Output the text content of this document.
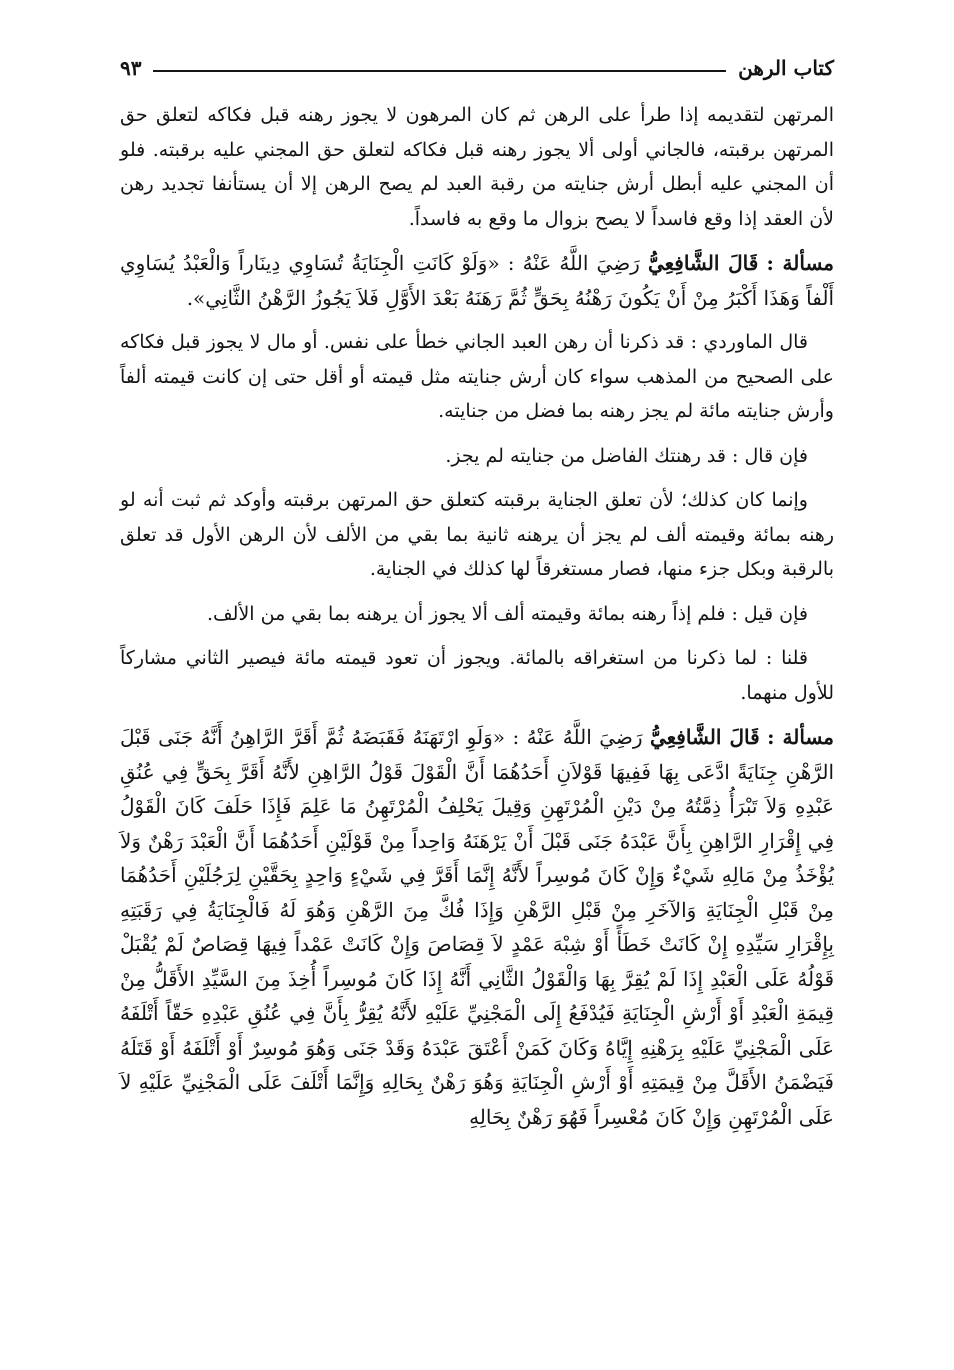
كتاب الرهن
٩٣

المرتهن لتقديمه إذا طرأ على الرهن ثم كان المرهون لا يجوز رهنه قبل فكاكه لتعلق حق المرتهن برقبته، فالجاني أولى ألا يجوز رهنه قبل فكاكه لتعلق حق المجني عليه برقبته. فلو أن المجني عليه أبطل أرش جنايته من رقبة العبد لم يصح الرهن إلا أن يستأنفا تجديد رهن لأن العقد إذا وقع فاسداً لا يصح بزوال ما وقع به فاسداً.

مسألة : قَالَ الشَّافِعِيُّ رَضِيَ اللَّهُ عَنْهُ : «وَلَوْ كَانَتِ الْجِنَايَةُ تُسَاوِي دِينَاراً وَالْعَبْدُ يُسَاوِي أَلْفاً وَهَذَا أَكْبَرُ مِنْ أَنْ يَكُونَ رَهْنُهُ بِحَقٍّ ثُمَّ رَهَنَهُ بَعْدَ الأَوَّلِ فَلاَ يَجُوزُ الرَّهْنُ الثَّانِي».

قال الماوردي : قد ذكرنا أن رهن العبد الجاني خطأ على نفس. أو مال لا يجوز قبل فكاكه على الصحيح من المذهب سواء كان أرش جنايته مثل قيمته أو أقل حتى إن كانت قيمته ألفاً وأرش جنايته مائة لم يجز رهنه بما فضل من جنايته.

فإن قال : قد رهنتك الفاضل من جنايته لم يجز.

وإنما كان كذلك؛ لأن تعلق الجناية برقبته كتعلق حق المرتهن برقبته وأوكد ثم ثبت أنه لو رهنه بمائة وقيمته ألف لم يجز أن يرهنه ثانية بما بقي من الألف لأن الرهن الأول قد تعلق بالرقبة وبكل جزء منها، فصار مستغرقاً لها كذلك في الجناية.

فإن قيل : فلم إذاً رهنه بمائة وقيمته ألف ألا يجوز أن يرهنه بما بقي من الألف.

قلنا : لما ذكرنا من استغراقه بالمائة. ويجوز أن تعود قيمته مائة فيصير الثاني مشاركاً للأول منهما.

مسألة : قَالَ الشَّافِعِيُّ رَضِيَ اللَّهُ عَنْهُ : «وَلَوِ ارْتَهَنَهُ فَقَبَضَهُ ثُمَّ أَقَرَّ الرَّاهِنُ أَنَّهُ جَنَى قَبْلَ الرَّهْنِ جِنَايَةً ادَّعَى بِهَا فَفِيهَا قَوْلاَنِ أَحَدُهُمَا أَنَّ الْقَوْلَ قَوْلُ الرَّاهِنِ لأَنَّهُ أَقَرَّ بِحَقٍّ فِي عُنُقِ عَبْدِهِ وَلاَ تَبْرَأُ ذِمَّتُهُ مِنْ دَيْنِ الْمُرْتَهِنِ وَقِيلَ يَحْلِفُ الْمُرْتَهِنُ مَا عَلِمَ فَإِذَا حَلَفَ كَانَ الْقَوْلُ فِي إِقْرَارِ الرَّاهِنِ بِأَنَّ عَبْدَهُ جَنَى قَبْلَ أَنْ يَرْهَنَهُ وَاحِداً مِنْ قَوْلَيْنِ أَحَدُهُمَا أَنَّ الْعَبْدَ رَهْنٌ وَلاَ يُؤْخَذُ مِنْ مَالِهِ شَيْءٌ وَإِنْ كَانَ مُوسِراً لأَنَّهُ إِنَّمَا أَقَرَّ فِي شَيْءٍ وَاحِدٍ بِحَقَّيْنِ لِرَجُلَيْنِ أَحَدُهُمَا مِنْ قَبْلِ الْجِنَايَةِ وَالآخَرِ مِنْ قَبْلِ الرَّهْنِ وَإِذَا فُكَّ مِنَ الرَّهْنِ وَهُوَ لَهُ فَالْجِنَايَةُ فِي رَقَبَتِهِ بِإِقْرَارِ سَيِّدِهِ إِنْ كَانَتْ خَطَأً أَوْ شِبْهَ عَمْدٍ لاَ قِصَاصَ وَإِنْ كَانَتْ عَمْداً فِيهَا قِصَاصٌ لَمْ يُقْبَلْ قَوْلُهُ عَلَى الْعَبْدِ إِذَا لَمْ يُقِرَّ بِهَا وَالْقَوْلُ الثَّانِي أَنَّهُ إِذَا كَانَ مُوسِراً أُخِذَ مِنَ السَّيِّدِ الأَقَلُّ مِنْ قِيمَةِ الْعَبْدِ أَوْ أَرْشِ الْجِنَايَةِ فَيُدْفَعُ إِلَى الْمَجْنِيِّ عَلَيْهِ لأَنَّهُ يُقِرُّ بِأَنَّ فِي عُنُقِ عَبْدِهِ حَقّاً أَتْلَفَهُ عَلَى الْمَجْنِيِّ عَلَيْهِ بِرَهْنِهِ إِيَّاهُ وَكَانَ كَمَنْ أَعْتَقَ عَبْدَهُ وَقَدْ جَنَى وَهُوَ مُوسِرٌ أَوْ أَتْلَفَهُ أَوْ قَتَلَهُ فَيَضْمَنُ الأَقَلَّ مِنْ قِيمَتِهِ أَوْ أَرْشِ الْجِنَايَةِ وَهُوَ رَهْنٌ بِحَالِهِ وَإِنَّمَا أَتْلَفَ عَلَى الْمَجْنِيِّ عَلَيْهِ لاَ عَلَى الْمُرْتَهِنِ وَإِنْ كَانَ مُعْسِراً فَهُوَ رَهْنٌ بِحَالِهِ
